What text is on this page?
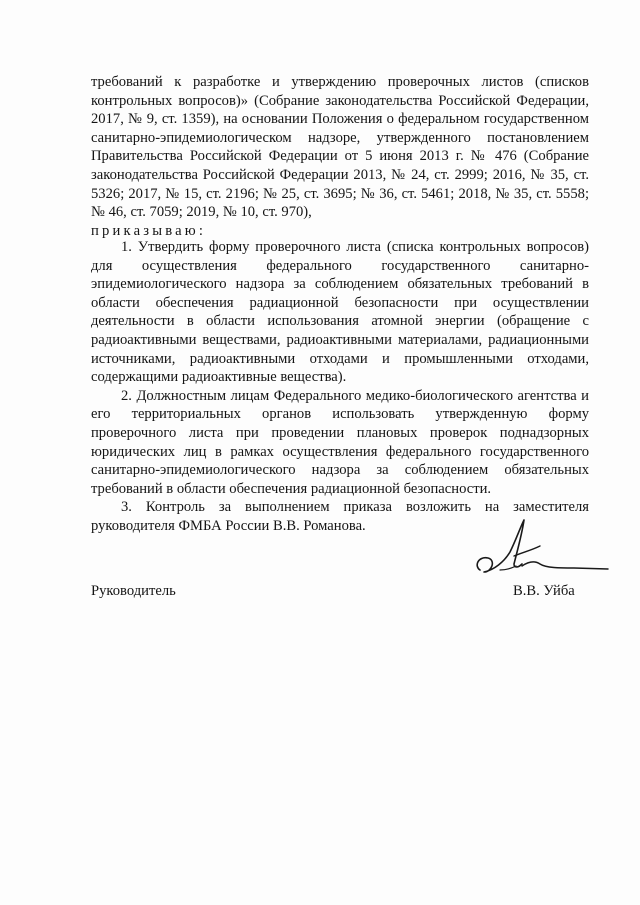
требований к разработке и утверждению проверочных листов (списков контрольных вопросов)» (Собрание законодательства Российской Федерации, 2017, № 9, ст. 1359), на основании Положения о федеральном государственном санитарно-эпидемиологическом надзоре, утвержденного постановлением Правительства Российской Федерации от 5 июня 2013 г. № 476 (Собрание законодательства Российской Федерации 2013, № 24, ст. 2999; 2016, № 35, ст. 5326; 2017, № 15, ст. 2196; № 25, ст. 3695; № 36, ст. 5461; 2018, № 35, ст. 5558; № 46, ст. 7059; 2019, № 10, ст. 970),

приказываю:

1. Утвердить форму проверочного листа (списка контрольных вопросов) для осуществления федерального государственного санитарно-эпидемиологического надзора за соблюдением обязательных требований в области обеспечения радиационной безопасности при осуществлении деятельности в области использования атомной энергии (обращение с радиоактивными веществами, радиоактивными материалами, радиационными источниками, радиоактивными отходами и промышленными отходами, содержащими радиоактивные вещества).

2. Должностным лицам Федерального медико-биологического агентства и его территориальных органов использовать утвержденную форму проверочного листа при проведении плановых проверок поднадзорных юридических лиц в рамках осуществления федерального государственного санитарно-эпидемиологического надзора за соблюдением обязательных требований в области обеспечения радиационной безопасности.

3. Контроль за выполнением приказа возложить на заместителя руководителя ФМБА России В.В. Романова.

Руководитель	В.В. Уйба
